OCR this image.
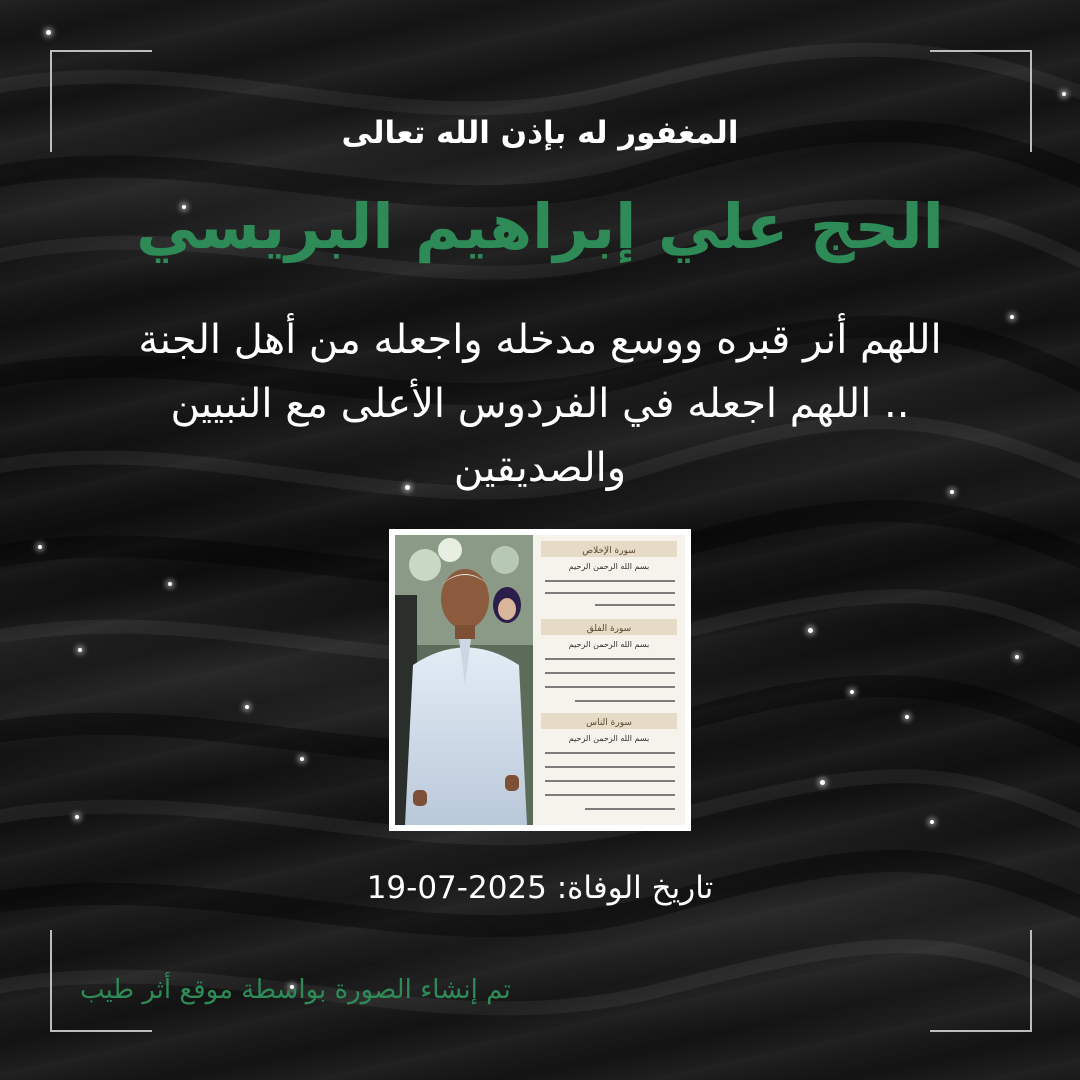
المغفور له بإذن الله تعالى
الحج علي إبراهيم البريسي
اللهم أنر قبره ووسع مدخله واجعله من أهل الجنة
.. اللهم اجعله في الفردوس الأعلى مع النبيين
والصديقين
سورة الإخلاص
سورة الفلق
سورة الناس
بسم الله الرحمن الرحيم
بسم الله الرحمن الرحيم
بسم الله الرحمن الرحيم
تاريخ الوفاة: 19-07-2025
تم إنشاء الصورة بواسطة موقع أثر طيب
